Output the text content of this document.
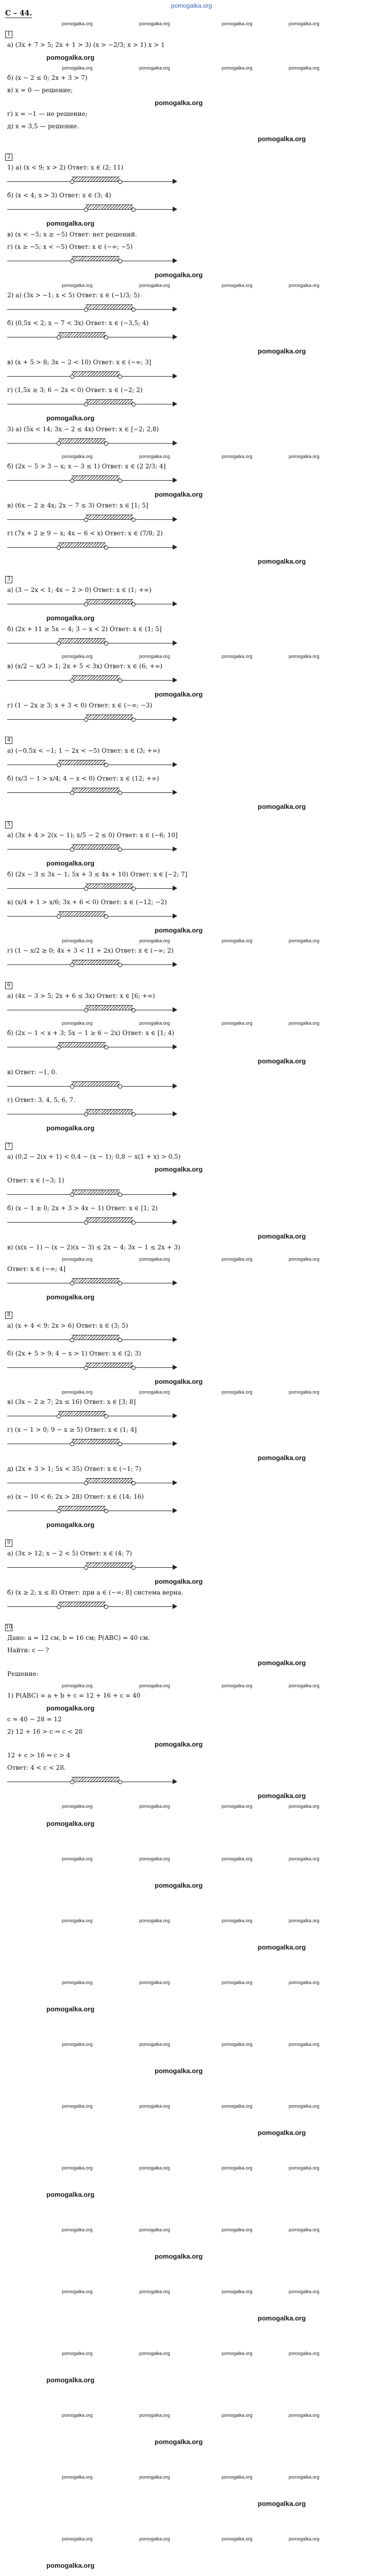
pomogalka.org
C – 44.
pomogalka.org	pomogalka.org	pomogalka.org	pomogalka.org
1
a) (3x + 7 > 5; 2x + 1 > 3) (x > −2/3; x > 1) x > 1
pomogalka.org
pomogalka.org	pomogalka.org	pomogalka.org	pomogalka.org
б) (x − 2 ≤ 0; 2x + 3 > 7)
в) x = 0 — решение;
pomogalka.org
г) x = −1 — не решение;
д) x = 3,5 — решение.
pomogalka.org
2
1) a) (x < 9; x > 2) Ответ: x ∈ (2; 11)
б) (x < 4; x > 3) Ответ: x ∈ (3; 4)
pomogalka.org
в) (x < −5; x ≥ −5) Ответ: нет решений.
г) (x ≥ −5; x < −5) Ответ: x ∈ (−∞; −5)
pomogalka.org
pomogalka.org	pomogalka.org	pomogalka.org	pomogalka.org
2) a) (3x > −1; x < 5) Ответ: x ∈ (−1/3; 5)
б) (0,5x < 2; x − 7 < 3x) Ответ: x ∈ (−3,5; 4)
pomogalka.org
в) (x + 5 > 8; 3x − 2 < 10) Ответ: x ∈ (−∞; 3]
г) (1,5x ≥ 3; 6 − 2x < 0) Ответ: x ∈ (−2; 2)
pomogalka.org
3) a) (5x < 14; 3x − 2 ≤ 4x) Ответ: x ∈ [−2; 2,8)
pomogalka.org	pomogalka.org	pomogalka.org	pomogalka.org
б) (2x − 5 > 3 − x; x − 3 ≤ 1) Ответ: x ∈ (2 2/3; 4]
pomogalka.org
в) (6x − 2 ≥ 4x; 2x − 7 ≤ 3) Ответ: x ∈ [1; 5]
г) (7x + 2 ≥ 9 − x; 4x − 6 < x) Ответ: x ∈ (7/8; 2)
pomogalka.org
3
a) (3 − 2x < 1; 4x − 2 > 0) Ответ: x ∈ (1; +∞)
pomogalka.org
б) (2x + 11 ≥ 5x − 4; 3 − x < 2) Ответ: x ∈ (1; 5]
pomogalka.org	pomogalka.org	pomogalka.org	pomogalka.org
в) (x/2 − x/3 > 1; 2x + 5 < 3x) Ответ: x ∈ (6; +∞)
pomogalka.org
г) (1 − 2x ≥ 3; x + 3 < 0) Ответ: x ∈ (−∞; −3)
4
a) (−0,5x < −1; 1 − 2x < −5) Ответ: x ∈ (3; +∞)
б) (x/3 − 1 > x/4; 4 − x < 0) Ответ: x ∈ (12; +∞)
pomogalka.org
5
a) (3x + 4 > 2(x − 1); x/5 − 2 ≤ 0) Ответ: x ∈ (−6; 10]
pomogalka.org
б) (2x − 3 ≤ 3x − 1; 5x + 3 ≤ 4x + 10) Ответ: x ∈ [−2; 7]
в) (x/4 + 1 > x/6; 3x + 6 < 0) Ответ: x ∈ (−12; −2)
pomogalka.org
pomogalka.org	pomogalka.org	pomogalka.org	pomogalka.org
г) (1 − x/2 ≥ 0; 4x + 3 < 11 + 2x) Ответ: x ∈ (−∞; 2)
6
a) (4x − 3 > 5; 2x + 6 ≤ 3x) Ответ: x ∈ [6; +∞)
pomogalka.org	pomogalka.org	pomogalka.org	pomogalka.org
б) (2x − 1 < x + 3; 5x − 1 ≥ 6 − 2x) Ответ: x ∈ [1; 4)
pomogalka.org
в) Ответ: −1, 0.
г) Ответ: 3, 4, 5, 6, 7.
pomogalka.org
7
a) (0,2 − 2(x + 1) < 0,4 − (x − 1); 0,8 − x(1 + x) > 0,5)
pomogalka.org
Ответ: x ∈ (−3; 1)
б) (x − 1 ≥ 0; 2x + 3 > 4x − 1) Ответ: x ∈ [1; 2)
pomogalka.org
в) (x(x − 1) − (x − 2)(x − 3) ≤ 2x − 4; 3x − 1 ≤ 2x + 3)
pomogalka.org	pomogalka.org	pomogalka.org	pomogalka.org
Ответ: x ∈ (−∞; 4]
pomogalka.org
8
a) (x + 4 < 9; 2x > 6) Ответ: x ∈ (3; 5)
б) (2x + 5 > 9; 4 − x > 1) Ответ: x ∈ (2; 3)
pomogalka.org
pomogalka.org	pomogalka.org	pomogalka.org	pomogalka.org
в) (3x − 2 ≥ 7; 2x ≤ 16) Ответ: x ∈ [3; 8]
г) (x − 1 > 0; 9 − x ≥ 5) Ответ: x ∈ (1; 4]
pomogalka.org
д) (2x + 3 > 1; 5x < 35) Ответ: x ∈ (−1; 7)
е) (x − 10 < 6; 2x > 28) Ответ: x ∈ (14; 16)
pomogalka.org
9
a) (3x > 12; x − 2 < 5) Ответ: x ∈ (4; 7)
pomogalka.org
б) (x ≥ 2; x ≤ 8) Ответ: при a ∈ (−∞; 8] система верна.
10
Дано: a = 12 см, b = 16 см; P(ABC) = 40 см.
Найти: c — ?
pomogalka.org
Решение:
pomogalka.org	pomogalka.org	pomogalka.org	pomogalka.org
1) P(ABC) = a + b + c = 12 + 16 + c = 40
pomogalka.org
c = 40 − 28 = 12
2) 12 + 16 > c ⇒ c < 28
pomogalka.org
12 + c > 16 ⇒ c > 4
Ответ: 4 < c < 28.
pomogalka.org
pomogalka.org	pomogalka.org	pomogalka.org	pomogalka.org
pomogalka.org
pomogalka.org	pomogalka.org	pomogalka.org	pomogalka.org
pomogalka.org
pomogalka.org	pomogalka.org	pomogalka.org	pomogalka.org
pomogalka.org
pomogalka.org	pomogalka.org	pomogalka.org	pomogalka.org
pomogalka.org
pomogalka.org	pomogalka.org	pomogalka.org	pomogalka.org
pomogalka.org
pomogalka.org	pomogalka.org	pomogalka.org	pomogalka.org
pomogalka.org
pomogalka.org	pomogalka.org	pomogalka.org	pomogalka.org
pomogalka.org
pomogalka.org	pomogalka.org	pomogalka.org	pomogalka.org
pomogalka.org
pomogalka.org	pomogalka.org	pomogalka.org	pomogalka.org
pomogalka.org
pomogalka.org	pomogalka.org	pomogalka.org	pomogalka.org
pomogalka.org
pomogalka.org	pomogalka.org	pomogalka.org	pomogalka.org
pomogalka.org
pomogalka.org	pomogalka.org	pomogalka.org	pomogalka.org
pomogalka.org
pomogalka.org	pomogalka.org	pomogalka.org	pomogalka.org
pomogalka.org
